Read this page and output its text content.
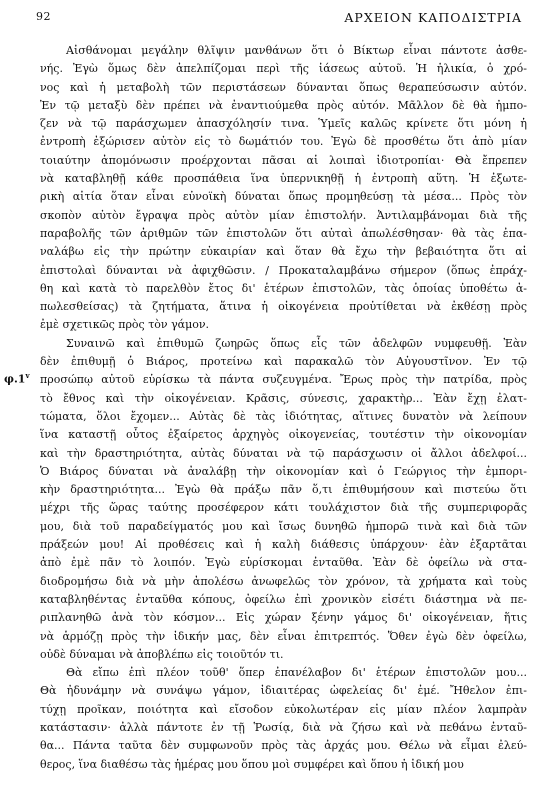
92	ΑΡΧΕΙΟΝ ΚΑΠΟΔΙΣΤΡΙΑ
φ.1$^v$
Αἰσθάνομαι μεγάλην θλῖψιν μανθάνων ὅτι ὁ Βίκτωρ εἶναι πάντοτε ἀσθε-
νής. Ἐγὼ ὅμως δὲν ἀπελπίζομαι περὶ τῆς ἰάσεως αὐτοῦ. Ἡ ἡλικία, ὁ χρό-
νος καὶ ἡ μεταβολὴ τῶν περιστάσεων δύνανται ὅπως θεραπεύσωσιν αὐτόν.
Ἐν τῷ μεταξὺ δὲν πρέπει νὰ ἐναντιούμεθα πρὸς αὐτόν. Μᾶλλον δὲ θὰ ἠμπο-
ζεν νὰ τῷ παράσχωμεν ἀπασχόλησίν τινα. Ὑμεῖς καλῶς κρίνετε ὅτι μόνη ἡ
ἐντροπὴ ἐξώρισεν αὐτὸν εἰς τὸ δωμάτιόν του. Ἐγὼ δὲ προσθέτω ὅτι ἀπὸ μίαν
τοιαύτην ἀπομόνωσιν προέρχονται πᾶσαι αἱ λοιπαὶ ἰδιοτροπίαι· Θὰ ἔπρεπεν
νὰ καταβληθῇ κάθε προσπάθεια ἵνα ὑπερνικηθῇ ἡ ἐντροπὴ αὕτη. Ἡ ἐξωτε-
ρικὴ αἰτία ὅταν εἶναι εὐνοϊκὴ δύναται ὅπως προμηθεύσῃ τὰ μέσα... Πρὸς τὸν
σκοπὸν αὐτὸν ἔγραψα πρὸς αὐτὸν μίαν ἐπιστολήν. Ἀντιλαμβάνομαι διὰ τῆς
παραβολῆς τῶν ἀριθμῶν τῶν ἐπιστολῶν ὅτι αὐταὶ ἀπωλέσθησαν· θὰ τὰς ἐπα-
ναλάβω εἰς τὴν πρώτην εὐκαιρίαν καὶ ὅταν θὰ ἔχω τὴν βεβαιότητα ὅτι αἱ
ἐπιστολαὶ δύνανται νὰ ἀφιχθῶσιν. / Προκαταλαμβάνω σήμερον (ὅπως ἐπράχ-
θη καὶ κατὰ τὸ παρελθὸν ἔτος δι' ἑτέρων ἐπιστολῶν, τὰς ὁποίας ὑποθέτω ἀ-
πωλεσθείσας) τὰ ζητήματα, ἅτινα ἡ οἰκογένεια προὐτίθεται νὰ ἐκθέσῃ πρὸς
ἐμὲ σχετικῶς πρὸς τὸν γάμον.
Συναινῶ καὶ ἐπιθυμῶ ζωηρῶς ὅπως εἷς τῶν ἀδελφῶν νυμφευθῇ. Ἐὰν
δὲν ἐπιθυμῇ ὁ Βιάρος, προτείνω καὶ παρακαλῶ τὸν Αὐγουστῖνον. Ἐν τῷ
προσώπῳ αὐτοῦ εὑρίσκω τὰ πάντα συζευγμένα. Ἔρως πρὸς τὴν πατρίδα, πρὸς
τὸ ἔθνος καὶ τὴν οἰκογένειαν. Κρᾶσις, σύνεσις, χαρακτὴρ... Ἐὰν ἔχῃ ἐλατ-
τώματα, ὅλοι ἔχομεν... Αὐτὰς δὲ τὰς ἰδιότητας, αἵτινες δυνατὸν νὰ λείπουν
ἵνα καταστῇ οὗτος ἐξαίρετος ἀρχηγὸς οἰκογενείας, τουτέστιν τὴν οἰκονομίαν
καὶ τὴν δραστηριότητα, αὐτὰς δύναται νὰ τῷ παράσχωσιν οἱ ἄλλοι ἀδελφοί...
Ὁ Βιάρος δύναται νὰ ἀναλάβῃ τὴν οἰκονομίαν καὶ ὁ Γεώργιος τὴν ἐμπορι-
κὴν δραστηριότητα... Ἐγὼ θὰ πράξω πᾶν ὅ,τι ἐπιθυμήσουν καὶ πιστεύω ὅτι
μέχρι τῆς ὥρας ταύτης προσέφερον κάτι τουλάχιστον διὰ τῆς συμπεριφορᾶς
μου, διὰ τοῦ παραδείγματός μου καὶ ἴσως δυνηθῶ ἠμπορῶ τινὰ καὶ διὰ τῶν
πράξεών μου! Αἱ προθέσεις καὶ ἡ καλὴ διάθεσις ὑπάρχουν· ἐὰν ἐξαρτᾶται
ἀπὸ ἐμὲ πᾶν τὸ λοιπόν. Ἐγὼ εὑρίσκομαι ἐνταῦθα. Ἐὰν δὲ ὀφείλω νὰ στα-
διοδρομήσω διὰ νὰ μὴν ἀπολέσω ἀνωφελῶς τὸν χρόνον, τὰ χρήματα καὶ τοὺς
καταβληθέντας ἐνταῦθα κόπους, ὀφείλω ἐπὶ χρονικὸν εἰσέτι διάστημα νὰ πε-
ριπλανηθῶ ἀνὰ τὸν κόσμον... Εἰς χώραν ξένην γάμος δι' οἰκογένειαν, ἥτις
νὰ ἁρμόζῃ πρὸς τὴν ἰδικήν μας, δὲν εἶναι ἐπιτρεπτός. Ὅθεν ἐγὼ δὲν ὀφείλω,
οὐδὲ δύναμαι νὰ ἀποβλέπω εἰς τοιοῦτόν τι.
Θὰ εἴπω ἐπὶ πλέον τοῦθ' ὅπερ ἐπανέλαβον δι' ἑτέρων ἐπιστολῶν μου...
Θὰ ἠδυνάμην νὰ συνάψω γάμον, ἰδιαιτέρας ὠφελείας δι' ἐμέ. Ἤθελον ἐπι-
τύχῃ προῖκαν, ποιότητα καὶ εἴσοδον εὐκολωτέραν εἰς μίαν πλέον λαμπρὰν
κατάστασιν· ἀλλὰ πάντοτε ἐν τῇ Ῥωσίᾳ, διὰ νὰ ζήσω καὶ νὰ πεθάνω ἐνταῦ-
θα... Πάντα ταῦτα δὲν συμφωνοῦν πρὸς τὰς ἀρχάς μου. Θέλω νὰ εἶμαι ἐλεύ-
θερος, ἵνα διαθέσω τὰς ἡμέρας μου ὅπου μοὶ συμφέρει καὶ ὅπου ἡ ἰδική μου
